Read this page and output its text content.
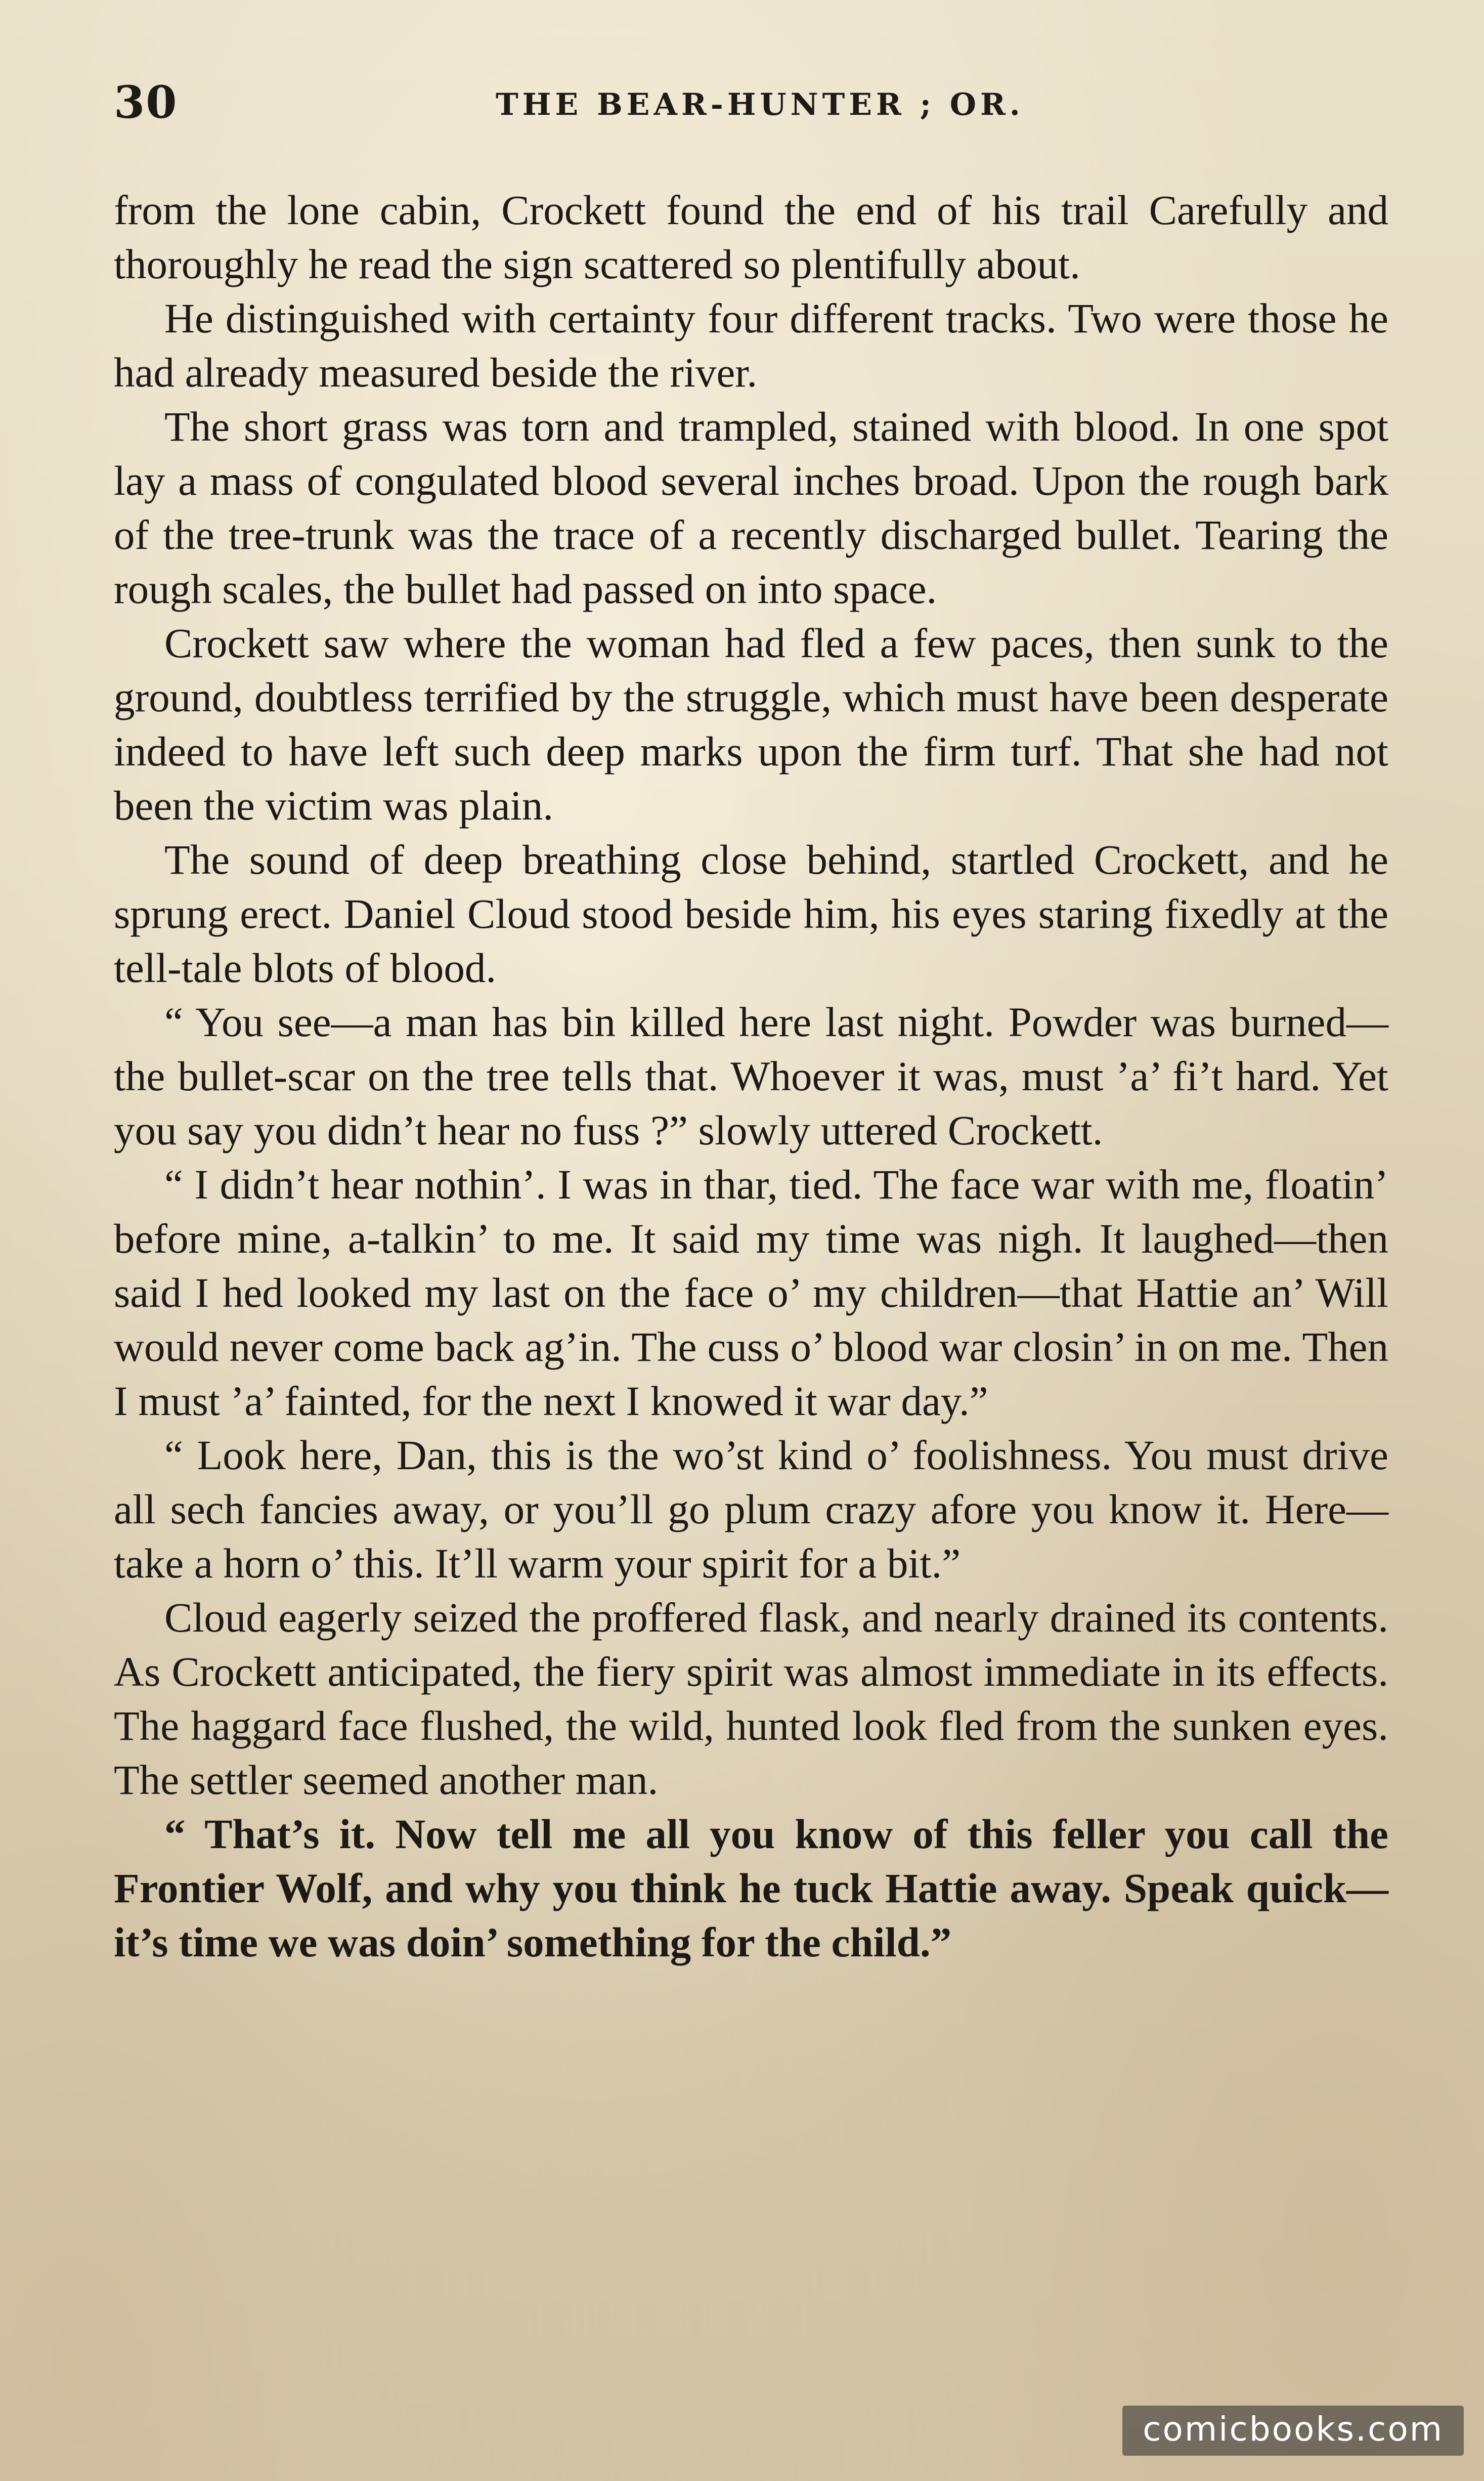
30	THE BEAR-HUNTER ; OR.

from the lone cabin, Crockett found the end of his trail Carefully and thoroughly he read the sign scattered so plentifully about.

He distinguished with certainty four different tracks. Two were those he had already measured beside the river.

The short grass was torn and trampled, stained with blood. In one spot lay a mass of congulated blood several inches broad. Upon the rough bark of the tree-trunk was the trace of a recently discharged bullet. Tearing the rough scales, the bullet had passed on into space.

Crockett saw where the woman had fled a few paces, then sunk to the ground, doubtless terrified by the struggle, which must have been desperate indeed to have left such deep marks upon the firm turf. That she had not been the victim was plain.

The sound of deep breathing close behind, startled Crockett, and he sprung erect. Daniel Cloud stood beside him, his eyes staring fixedly at the tell-tale blots of blood.

“ You see—a man has bin killed here last night. Powder was burned—the bullet-scar on the tree tells that. Whoever it was, must ’a’ fi’t hard. Yet you say you didn’t hear no fuss ?” slowly uttered Crockett.

“ I didn’t hear nothin’. I was in thar, tied. The face war with me, floatin’ before mine, a-talkin’ to me. It said my time was nigh. It laughed—then said I hed looked my last on the face o’ my children—that Hattie an’ Will would never come back ag’in. The cuss o’ blood war closin’ in on me. Then I must ’a’ fainted, for the next I knowed it war day.”

“ Look here, Dan, this is the wo’st kind o’ foolishness. You must drive all sech fancies away, or you’ll go plum crazy afore you know it. Here—take a horn o’ this. It’ll warm your spirit for a bit.”

Cloud eagerly seized the proffered flask, and nearly drained its contents. As Crockett anticipated, the fiery spirit was almost immediate in its effects. The haggard face flushed, the wild, hunted look fled from the sunken eyes. The settler seemed another man.

“ That’s it. Now tell me all you know of this feller you call the Frontier Wolf, and why you think he tuck Hattie away. Speak quick—it’s time we was doin’ something for the child.”

comicbooks.com
